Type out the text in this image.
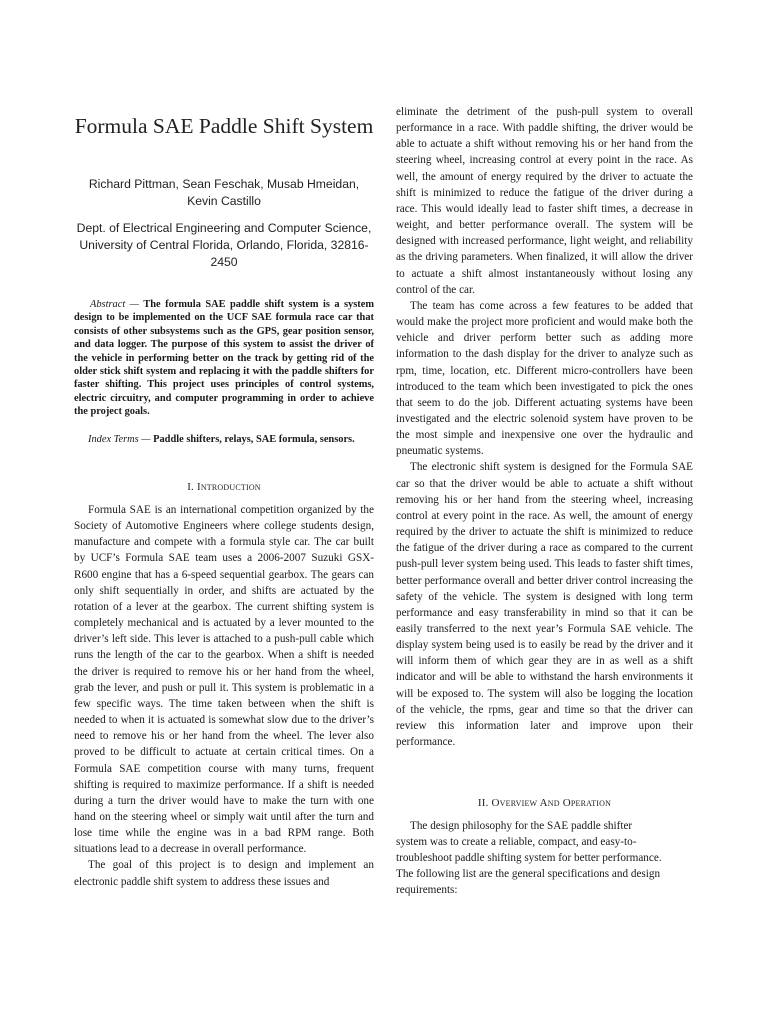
Formula SAE Paddle Shift System
Richard Pittman, Sean Feschak, Musab Hmeidan, Kevin Castillo
Dept. of Electrical Engineering and Computer Science, University of Central Florida, Orlando, Florida, 32816-2450
Abstract — The formula SAE paddle shift system is a system design to be implemented on the UCF SAE formula race car that consists of other subsystems such as the GPS, gear position sensor, and data logger. The purpose of this system to assist the driver of the vehicle in performing better on the track by getting rid of the older stick shift system and replacing it with the paddle shifters for faster shifting. This project uses principles of control systems, electric circuitry, and computer programming in order to achieve the project goals.
Index Terms — Paddle shifters, relays, SAE formula, sensors.
I. Introduction

Formula SAE is an international competition organized by the Society of Automotive Engineers where college students design, manufacture and compete with a formula style car. The car built by UCF’s Formula SAE team uses a 2006-2007 Suzuki GSX-R600 engine that has a 6-speed sequential gearbox. The gears can only shift sequentially in order, and shifts are actuated by the rotation of a lever at the gearbox. The current shifting system is completely mechanical and is actuated by a lever mounted to the driver’s left side. This lever is attached to a push-pull cable which runs the length of the car to the gearbox. When a shift is needed the driver is required to remove his or her hand from the wheel, grab the lever, and push or pull it. This system is problematic in a few specific ways. The time taken between when the shift is needed to when it is actuated is somewhat slow due to the driver’s need to remove his or her hand from the wheel. The lever also proved to be difficult to actuate at certain critical times. On a Formula SAE competition course with many turns, frequent shifting is required to maximize performance. If a shift is needed during a turn the driver would have to make the turn with one hand on the steering wheel or simply wait until after the turn and lose time while the engine was in a bad RPM range. Both situations lead to a decrease in overall performance.

The goal of this project is to design and implement an electronic paddle shift system to address these issues and

eliminate the detriment of the push-pull system to overall performance in a race. With paddle shifting, the driver would be able to actuate a shift without removing his or her hand from the steering wheel, increasing control at every point in the race. As well, the amount of energy required by the driver to actuate the shift is minimized to reduce the fatigue of the driver during a race. This would ideally lead to faster shift times, a decrease in weight, and better performance overall. The system will be designed with increased performance, light weight, and reliability as the driving parameters. When finalized, it will allow the driver to actuate a shift almost instantaneously without losing any control of the car.

The team has come across a few features to be added that would make the project more proficient and would make both the vehicle and driver perform better such as adding more information to the dash display for the driver to analyze such as rpm, time, location, etc. Different micro-controllers have been introduced to the team which been investigated to pick the ones that seem to do the job. Different actuating systems have been investigated and the electric solenoid system have proven to be the most simple and inexpensive one over the hydraulic and pneumatic systems.

The electronic shift system is designed for the Formula SAE car so that the driver would be able to actuate a shift without removing his or her hand from the steering wheel, increasing control at every point in the race. As well, the amount of energy required by the driver to actuate the shift is minimized to reduce the fatigue of the driver during a race as compared to the current push-pull lever system being used. This leads to faster shift times, better performance overall and better driver control increasing the safety of the vehicle. The system is designed with long term performance and easy transferability in mind so that it can be easily transferred to the next year’s Formula SAE vehicle. The display system being used is to easily be read by the driver and it will inform them of which gear they are in as well as a shift indicator and will be able to withstand the harsh environments it will be exposed to. The system will also be logging the location of the vehicle, the rpms, gear and time so that the driver can review this information later and improve upon their performance.

II. Overview And Operation

The design philosophy for the SAE paddle shifter system was to create a reliable, compact, and easy-to-troubleshoot paddle shifting system for better performance. The following list are the general specifications and design requirements:
